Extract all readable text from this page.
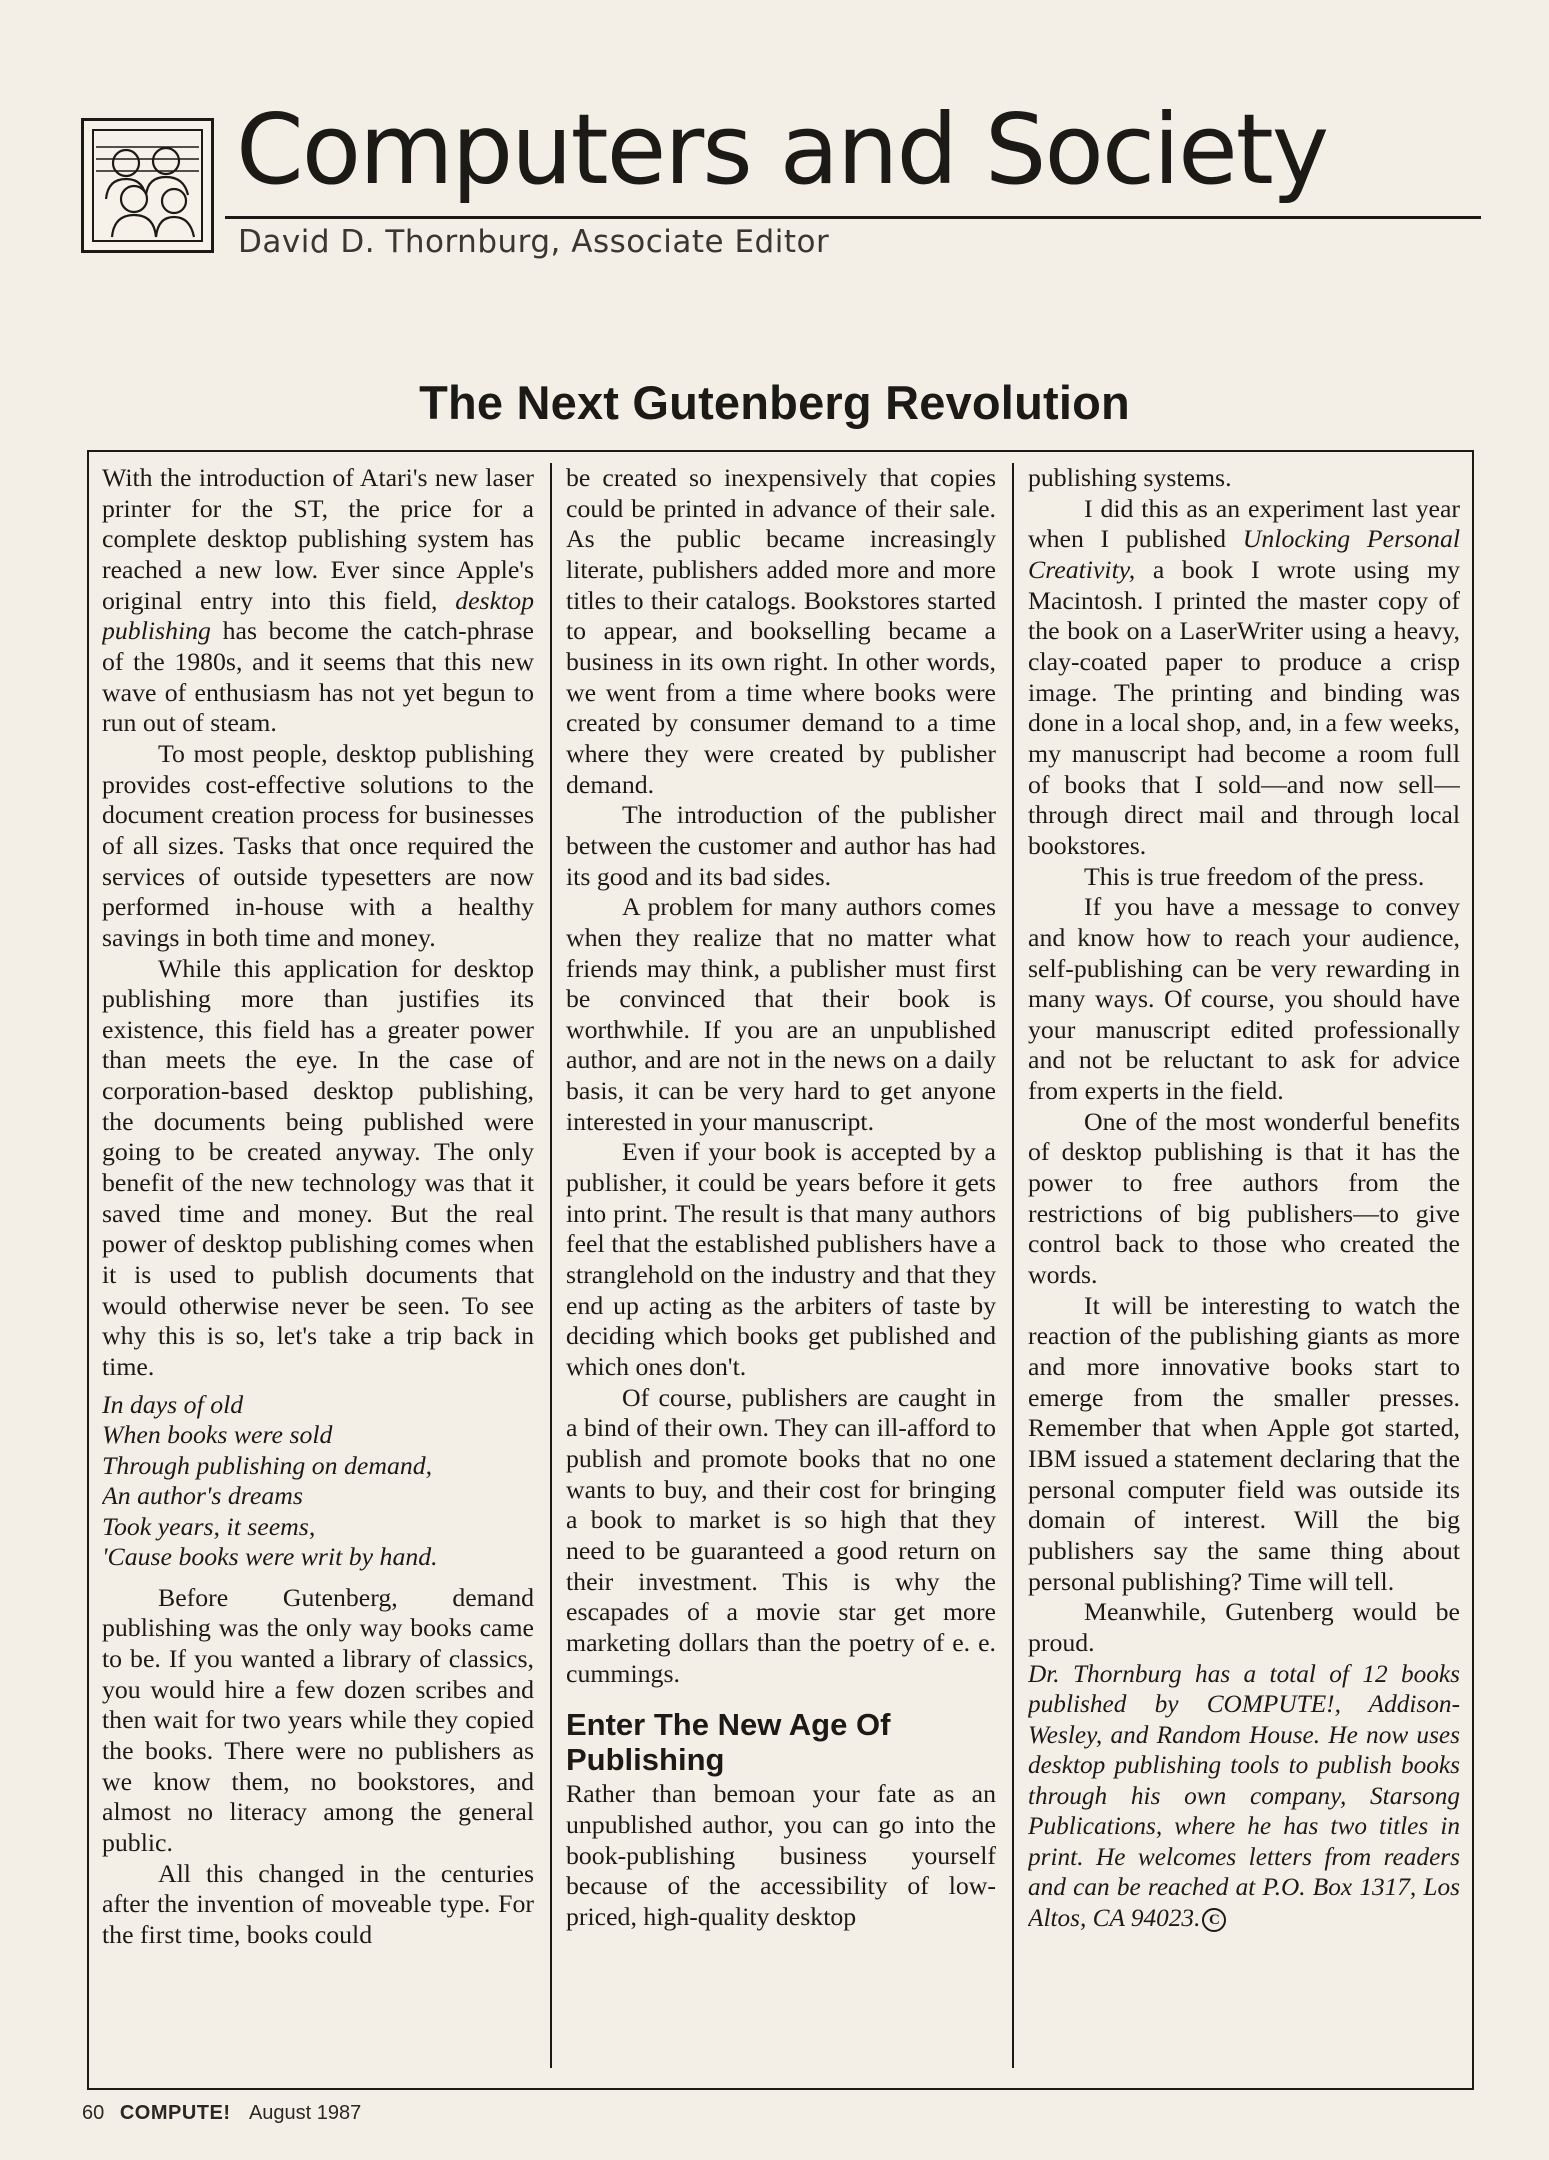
Computers and Society
David D. Thornburg, Associate Editor
The Next Gutenberg Revolution

With the introduction of Atari's new laser printer for the ST, the price for a complete desktop publishing system has reached a new low. Ever since Apple's original entry into this field, desktop publishing has become the catch-phrase of the 1980s, and it seems that this new wave of enthusiasm has not yet begun to run out of steam.

To most people, desktop publishing provides cost-effective solutions to the document creation process for businesses of all sizes. Tasks that once required the services of outside typesetters are now performed in-house with a healthy savings in both time and money.

While this application for desktop publishing more than justifies its existence, this field has a greater power than meets the eye. In the case of corporation-based desktop publishing, the documents being published were going to be created anyway. The only benefit of the new technology was that it saved time and money. But the real power of desktop publishing comes when it is used to publish documents that would otherwise never be seen. To see why this is so, let's take a trip back in time.

In days of old
When books were sold
Through publishing on demand,
An author's dreams
Took years, it seems,
'Cause books were writ by hand.

Before Gutenberg, demand publishing was the only way books came to be. If you wanted a library of classics, you would hire a few dozen scribes and then wait for two years while they copied the books. There were no publishers as we know them, no bookstores, and almost no literacy among the general public.

All this changed in the centuries after the invention of moveable type. For the first time, books could

be created so inexpensively that copies could be printed in advance of their sale. As the public became increasingly literate, publishers added more and more titles to their catalogs. Bookstores started to appear, and bookselling became a business in its own right. In other words, we went from a time where books were created by consumer demand to a time where they were created by publisher demand.

The introduction of the publisher between the customer and author has had its good and its bad sides.

A problem for many authors comes when they realize that no matter what friends may think, a publisher must first be convinced that their book is worthwhile. If you are an unpublished author, and are not in the news on a daily basis, it can be very hard to get anyone interested in your manuscript.

Even if your book is accepted by a publisher, it could be years before it gets into print. The result is that many authors feel that the established publishers have a stranglehold on the industry and that they end up acting as the arbiters of taste by deciding which books get published and which ones don't.

Of course, publishers are caught in a bind of their own. They can ill-afford to publish and promote books that no one wants to buy, and their cost for bringing a book to market is so high that they need to be guaranteed a good return on their investment. This is why the escapades of a movie star get more marketing dollars than the poetry of e. e. cummings.

Enter The New Age Of Publishing

Rather than bemoan your fate as an unpublished author, you can go into the book-publishing business yourself because of the accessibility of low-priced, high-quality desktop

publishing systems.

I did this as an experiment last year when I published Unlocking Personal Creativity, a book I wrote using my Macintosh. I printed the master copy of the book on a LaserWriter using a heavy, clay-coated paper to produce a crisp image. The printing and binding was done in a local shop, and, in a few weeks, my manuscript had become a room full of books that I sold—and now sell—through direct mail and through local bookstores.

This is true freedom of the press.

If you have a message to convey and know how to reach your audience, self-publishing can be very rewarding in many ways. Of course, you should have your manuscript edited professionally and not be reluctant to ask for advice from experts in the field.

One of the most wonderful benefits of desktop publishing is that it has the power to free authors from the restrictions of big publishers—to give control back to those who created the words.

It will be interesting to watch the reaction of the publishing giants as more and more innovative books start to emerge from the smaller presses. Remember that when Apple got started, IBM issued a statement declaring that the personal computer field was outside its domain of interest. Will the big publishers say the same thing about personal publishing? Time will tell.

Meanwhile, Gutenberg would be proud.

Dr. Thornburg has a total of 12 books published by COMPUTE!, Addison-Wesley, and Random House. He now uses desktop publishing tools to publish books through his own company, Starsong Publications, where he has two titles in print. He welcomes letters from readers and can be reached at P.O. Box 1317, Los Altos, CA 94023. C

60 COMPUTE! August 1987
